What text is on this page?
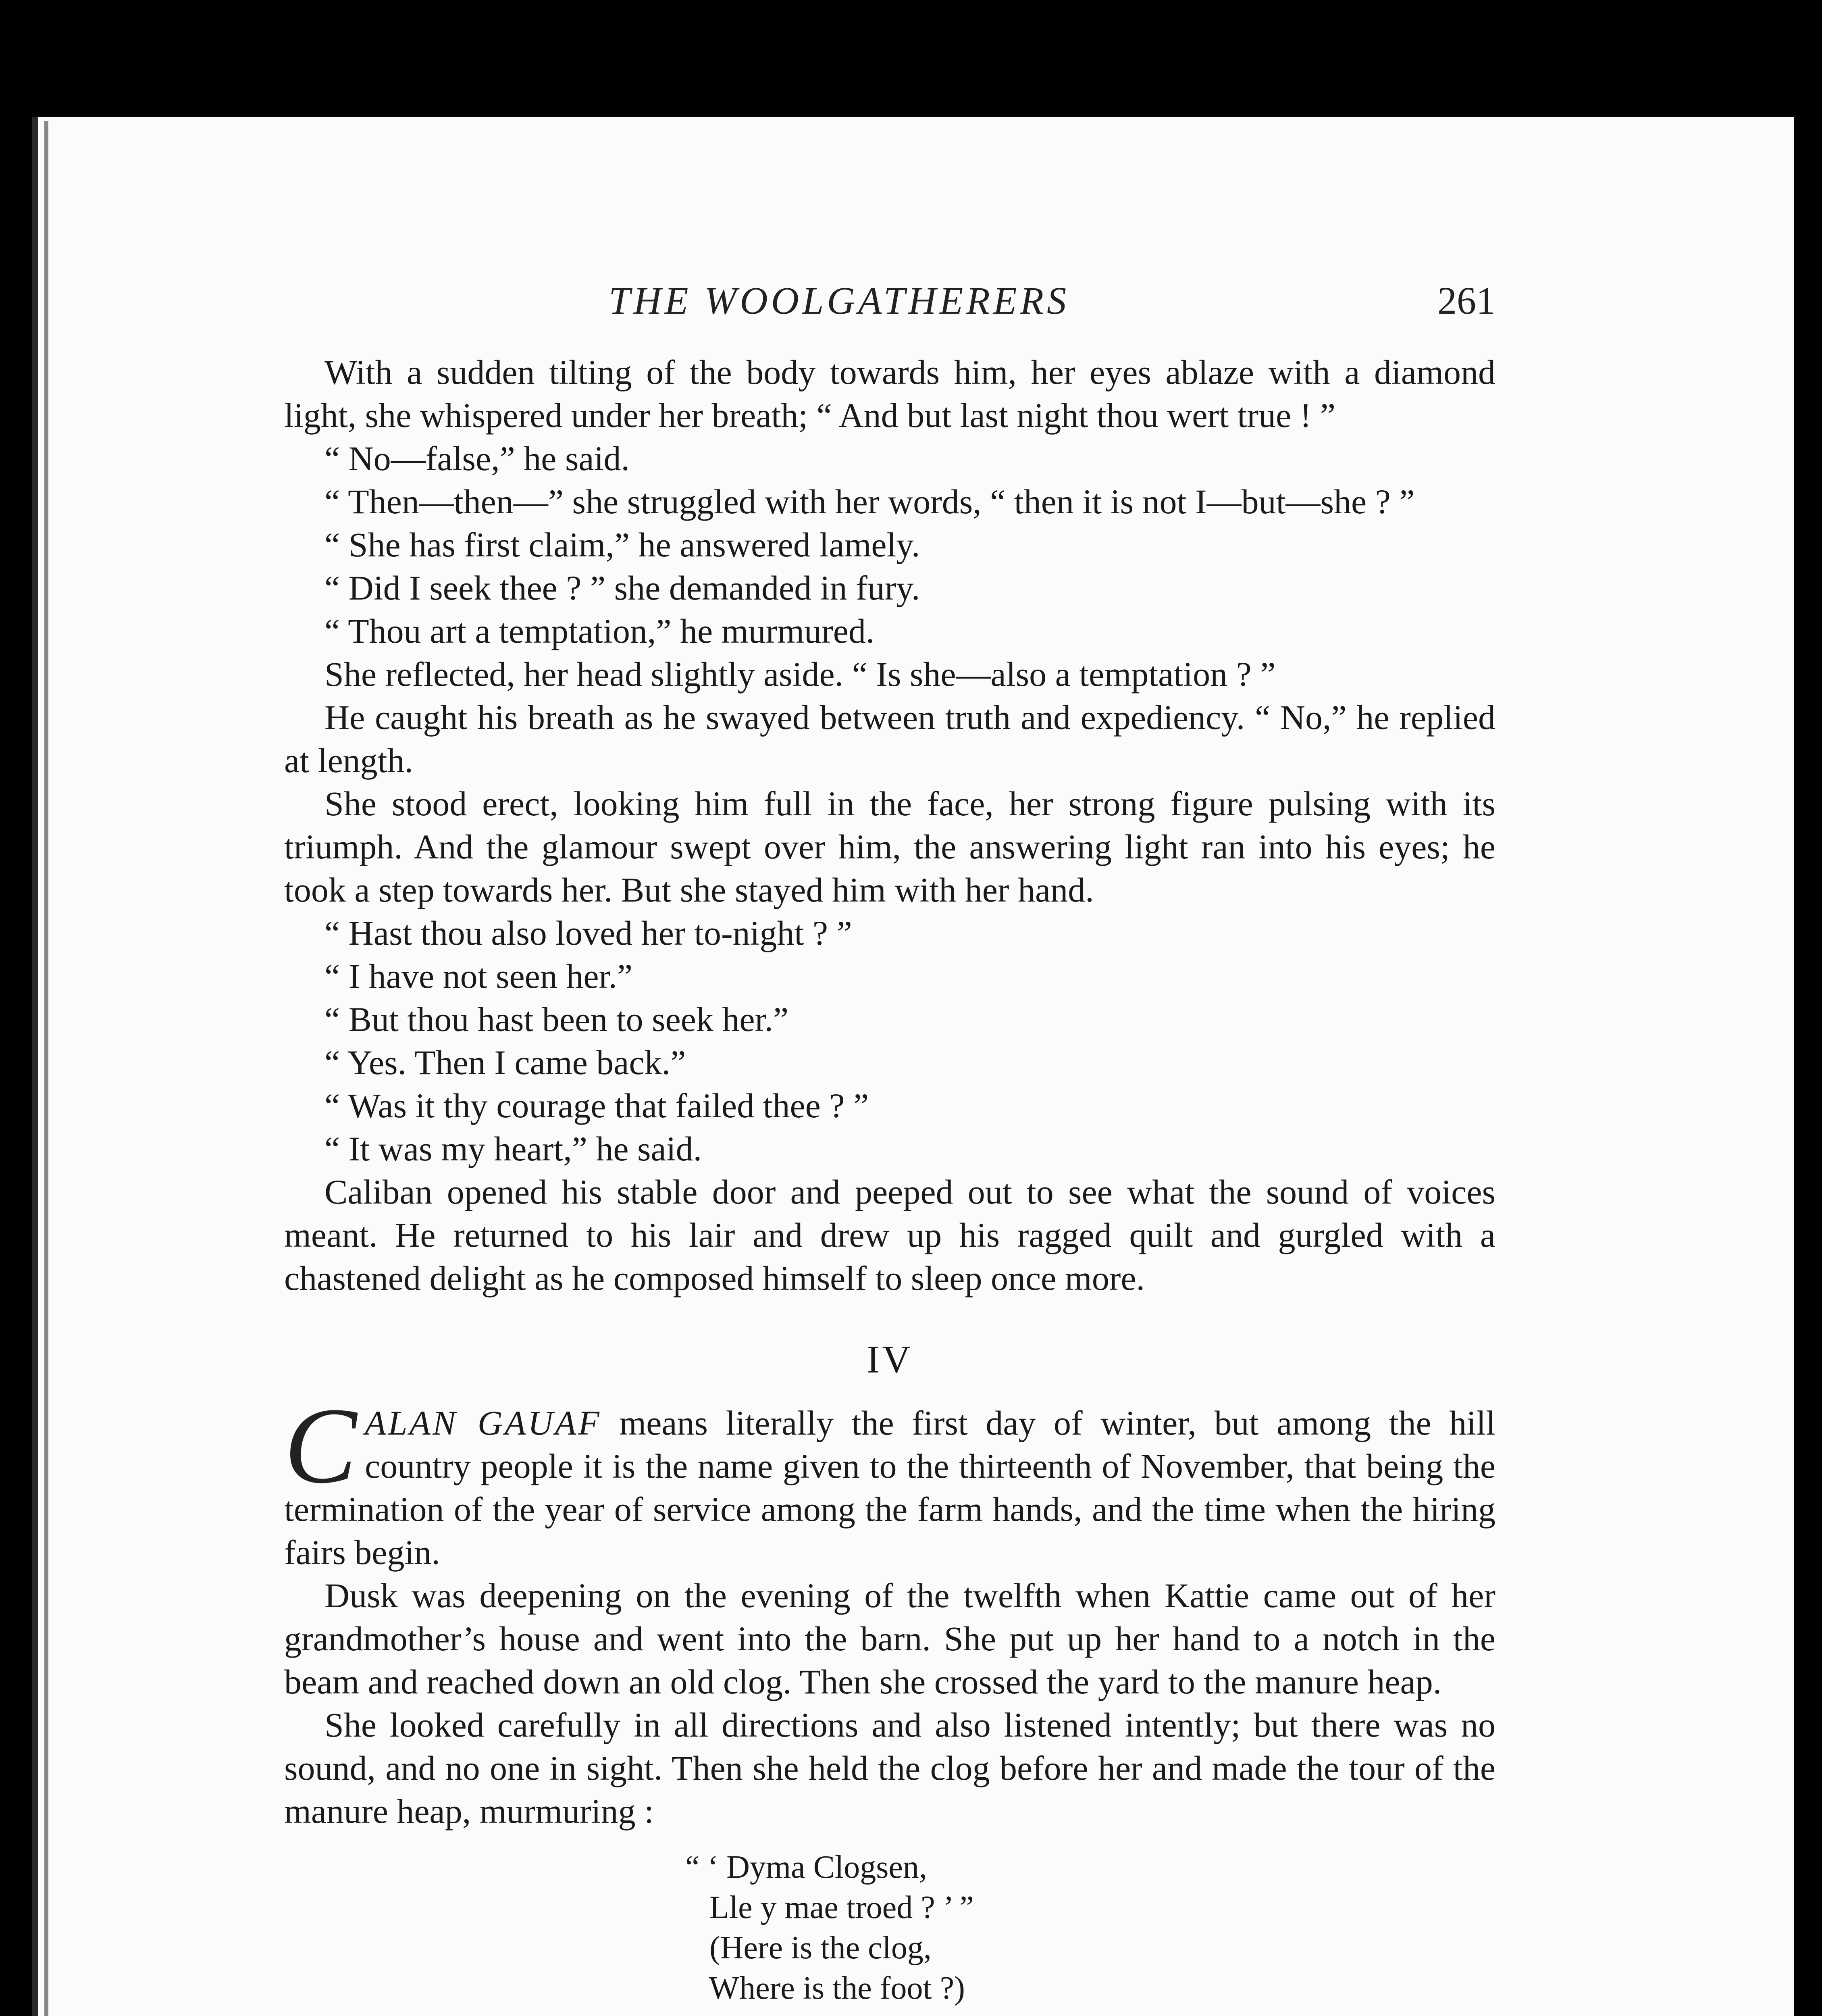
THE WOOLGATHERERS	261

With a sudden tilting of the body towards him, her eyes ablaze with a diamond light, she whispered under her breath; “ And but last night thou wert true ! ”

“ No—false,” he said.

“ Then—then—” she struggled with her words, “ then it is not I—but—she ? ”

“ She has first claim,” he answered lamely.

“ Did I seek thee ? ” she demanded in fury.

“ Thou art a temptation,” he murmured.

She reflected, her head slightly aside. “ Is she—also a temptation ? ”

He caught his breath as he swayed between truth and expediency. “ No,” he replied at length.

She stood erect, looking him full in the face, her strong figure pulsing with its triumph. And the glamour swept over him, the answering light ran into his eyes; he took a step towards her. But she stayed him with her hand.

“ Hast thou also loved her to-night ? ”

“ I have not seen her.”

“ But thou hast been to seek her.”

“ Yes. Then I came back.”

“ Was it thy courage that failed thee ? ”

“ It was my heart,” he said.

Caliban opened his stable door and peeped out to see what the sound of voices meant. He returned to his lair and drew up his ragged quilt and gurgled with a chastened delight as he composed himself to sleep once more.

IV

CALAN GAUAF means literally the first day of winter, but among the hill country people it is the name given to the thirteenth of November, that being the termination of the year of service among the farm hands, and the time when the hiring fairs begin.

Dusk was deepening on the evening of the twelfth when Kattie came out of her grandmother’s house and went into the barn. She put up her hand to a notch in the beam and reached down an old clog. Then she crossed the yard to the manure heap.

She looked carefully in all directions and also listened intently; but there was no sound, and no one in sight. Then she held the clog before her and made the tour of the manure heap, murmuring :

“ ‘ Dyma Clogsen,
Lle y mae troed ? ’ ”
(Here is the clog,
Where is the foot ?)
